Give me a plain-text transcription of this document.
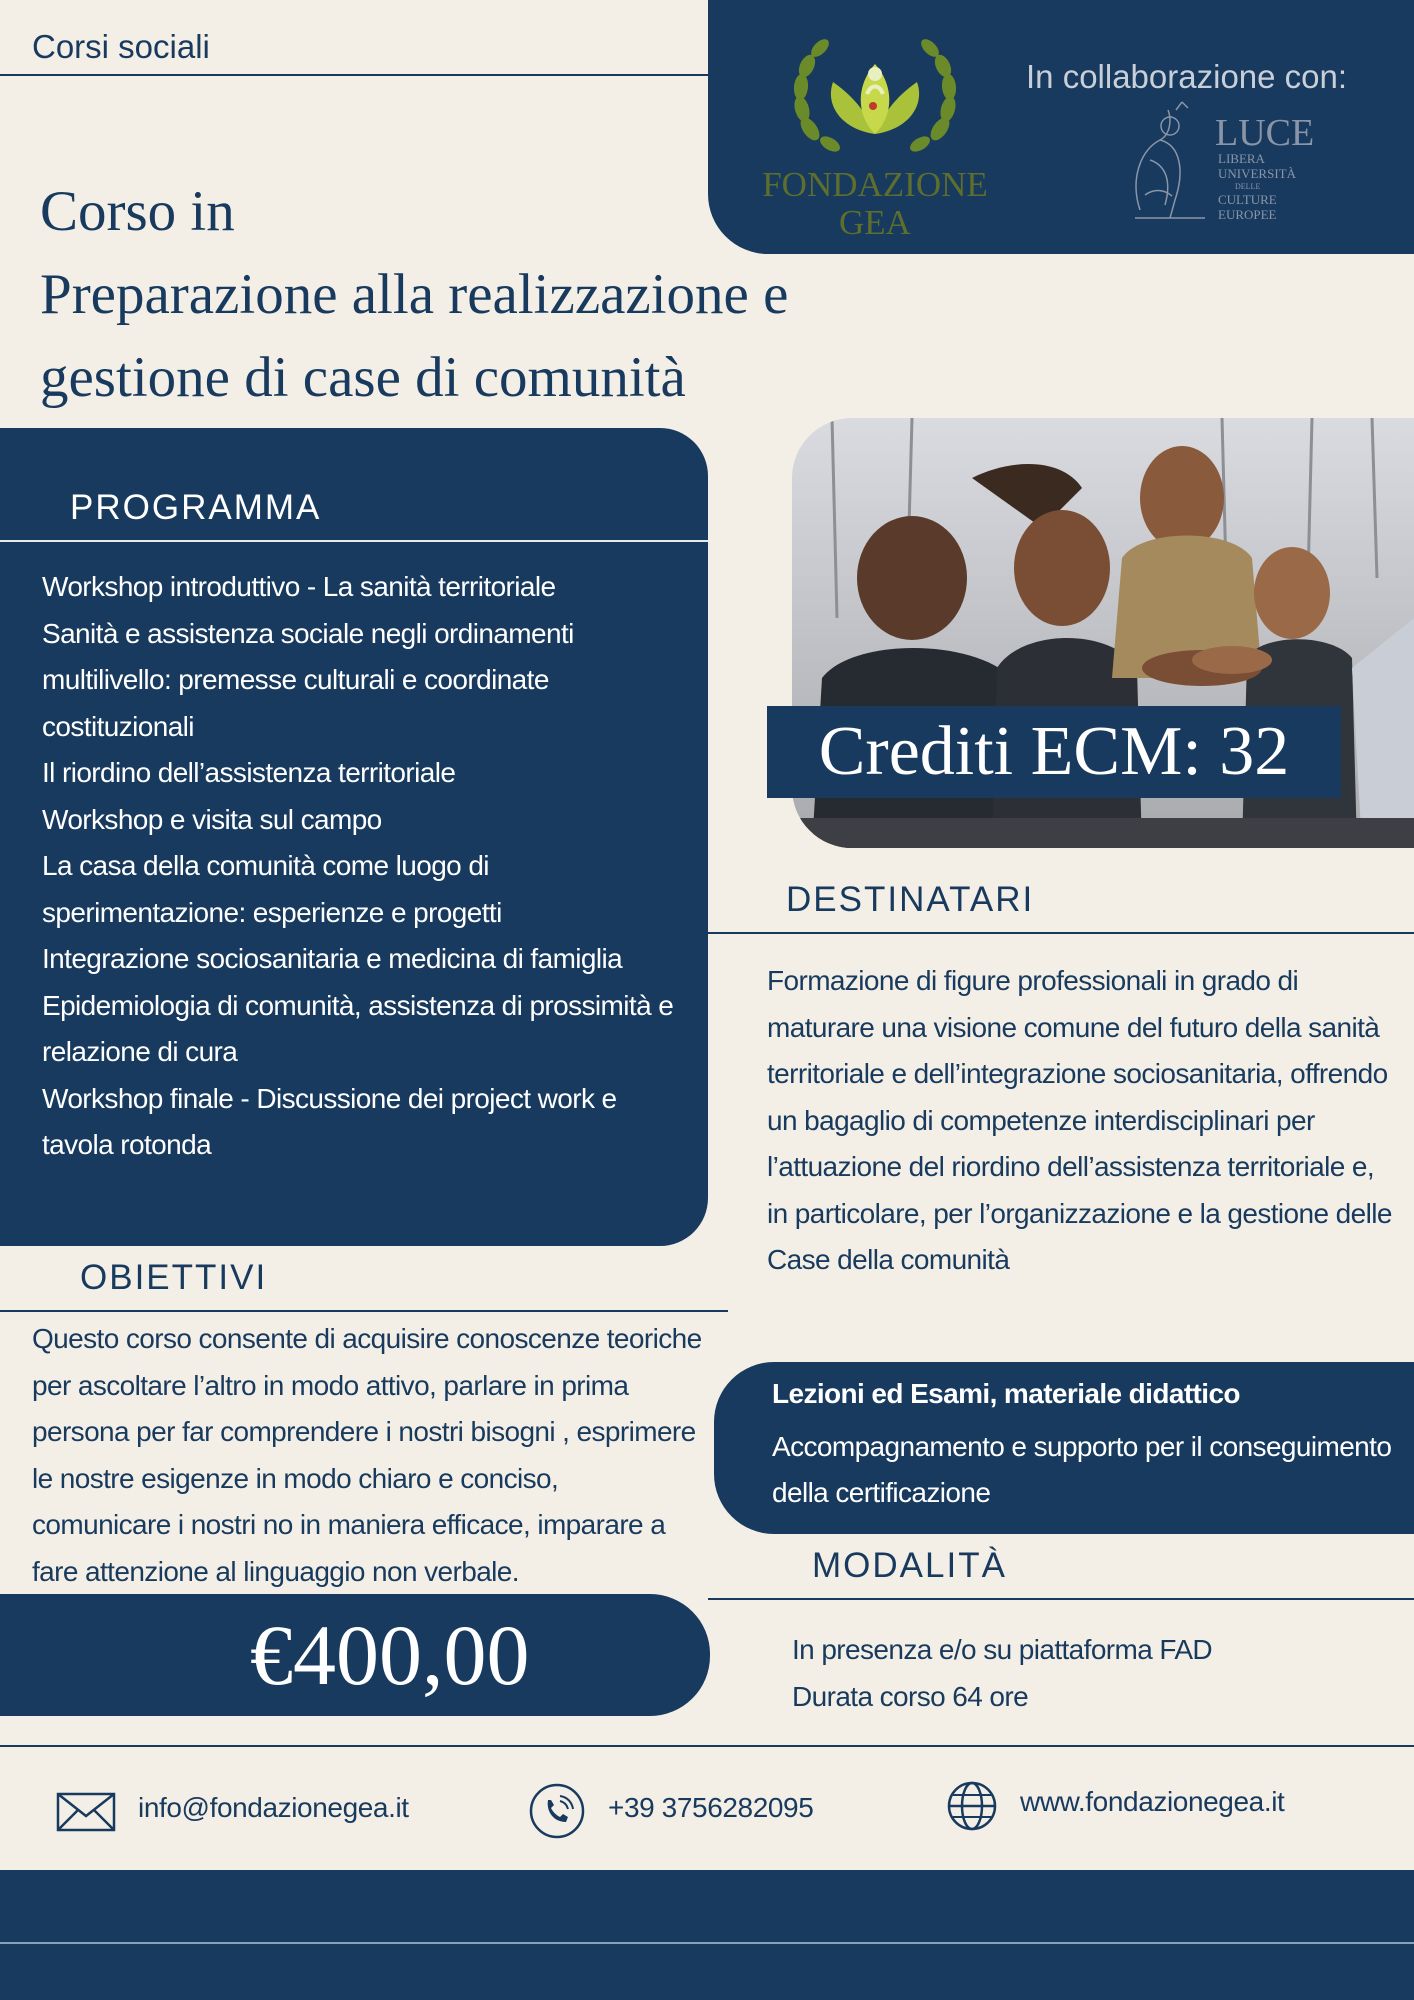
Corsi sociali
FONDAZIONE
GEA
In collaborazione con:
LUCE
LIBERA
UNIVERSITÀ
DELLE
CULTURE
EUROPEE
Corso in
Preparazione alla realizzazione e
gestione di case di comunità
PROGRAMMA
Workshop introduttivo - La sanità territoriale
Sanità e assistenza sociale negli ordinamenti multilivello: premesse culturali e coordinate costituzionali
Il riordino dell’assistenza territoriale
Workshop e visita sul campo
La casa della comunità come luogo di sperimentazione: esperienze e progetti
Integrazione sociosanitaria e medicina di famiglia
Epidemiologia di comunità, assistenza di prossimità e relazione di cura
Workshop finale - Discussione dei project work e tavola rotonda
Crediti ECM: 32
DESTINATARI
Formazione di figure professionali in grado di maturare una visione comune del futuro della sanità territoriale e dell’integrazione sociosanitaria, offrendo un bagaglio di competenze interdisciplinari per l’attuazione del riordino dell’assistenza territoriale e, in particolare, per l’organizzazione e la gestione delle Case della comunità
Lezioni ed Esami, materiale didattico
Accompagnamento e supporto per il conseguimento della certificazione
OBIETTIVI
Questo corso consente di acquisire conoscenze teoriche per ascoltare l’altro in modo attivo, parlare in prima persona per far comprendere i nostri bisogni , esprimere le nostre esigenze in modo chiaro e conciso, comunicare i nostri no in maniera efficace, imparare a fare attenzione al linguaggio non verbale.	MODALITÀ
In presenza e/o su piattaforma FAD
Durata corso 64 ore
€400,00
info@fondazionegea.it	+39 3756282095	www.fondazionegea.it
